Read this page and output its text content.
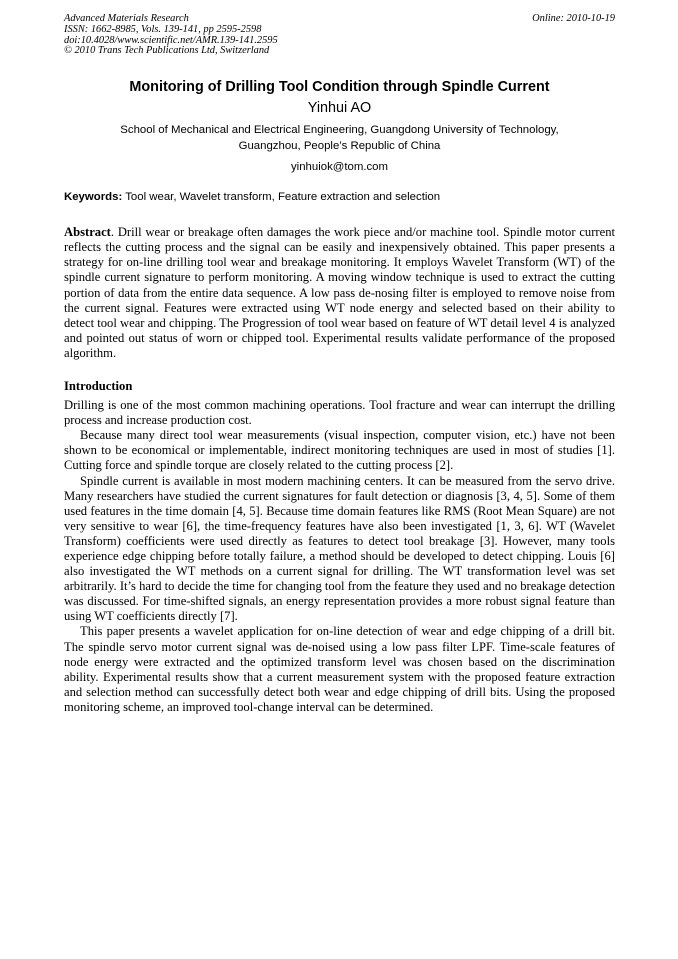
Advanced Materials Research
ISSN: 1662-8985, Vols. 139-141, pp 2595-2598
doi:10.4028/www.scientific.net/AMR.139-141.2595
© 2010 Trans Tech Publications Ltd, Switzerland
Online: 2010-10-19
Monitoring of Drilling Tool Condition through Spindle Current
Yinhui AO
School of Mechanical and Electrical Engineering, Guangdong University of Technology,
Guangzhou, People’s Republic of China
yinhuiok@tom.com
Keywords: Tool wear, Wavelet transform, Feature extraction and selection
Abstract. Drill wear or breakage often damages the work piece and/or machine tool. Spindle motor current reflects the cutting process and the signal can be easily and inexpensively obtained. This paper presents a strategy for on-line drilling tool wear and breakage monitoring. It employs Wavelet Transform (WT) of the spindle current signature to perform monitoring. A moving window technique is used to extract the cutting portion of data from the entire data sequence. A low pass de-nosing filter is employed to remove noise from the current signal. Features were extracted using WT node energy and selected based on their ability to detect tool wear and chipping. The Progression of tool wear based on feature of WT detail level 4 is analyzed and pointed out status of worn or chipped tool. Experimental results validate performance of the proposed algorithm.
Introduction

Drilling is one of the most common machining operations. Tool fracture and wear can interrupt the drilling process and increase production cost.

Because many direct tool wear measurements (visual inspection, computer vision, etc.) have not been shown to be economical or implementable, indirect monitoring techniques are used in most of studies [1]. Cutting force and spindle torque are closely related to the cutting process [2].

Spindle current is available in most modern machining centers. It can be measured from the servo drive. Many researchers have studied the current signatures for fault detection or diagnosis [3, 4, 5]. Some of them used features in the time domain [4, 5]. Because time domain features like RMS (Root Mean Square) are not very sensitive to wear [6], the time-frequency features have also been investigated [1, 3, 6]. WT (Wavelet Transform) coefficients were used directly as features to detect tool breakage [3]. However, many tools experience edge chipping before totally failure, a method should be developed to detect chipping. Louis [6] also investigated the WT methods on a current signal for drilling. The WT transformation level was set arbitrarily. It’s hard to decide the time for changing tool from the feature they used and no breakage detection was discussed. For time-shifted signals, an energy representation provides a more robust signal feature than using WT coefficients directly [7].

This paper presents a wavelet application for on-line detection of wear and edge chipping of a drill bit. The spindle servo motor current signal was de-noised using a low pass filter LPF. Time-scale features of node energy were extracted and the optimized transform level was chosen based on the discrimination ability. Experimental results show that a current measurement system with the proposed feature extraction and selection method can successfully detect both wear and edge chipping of drill bits. Using the proposed monitoring scheme, an improved tool-change interval can be determined.
